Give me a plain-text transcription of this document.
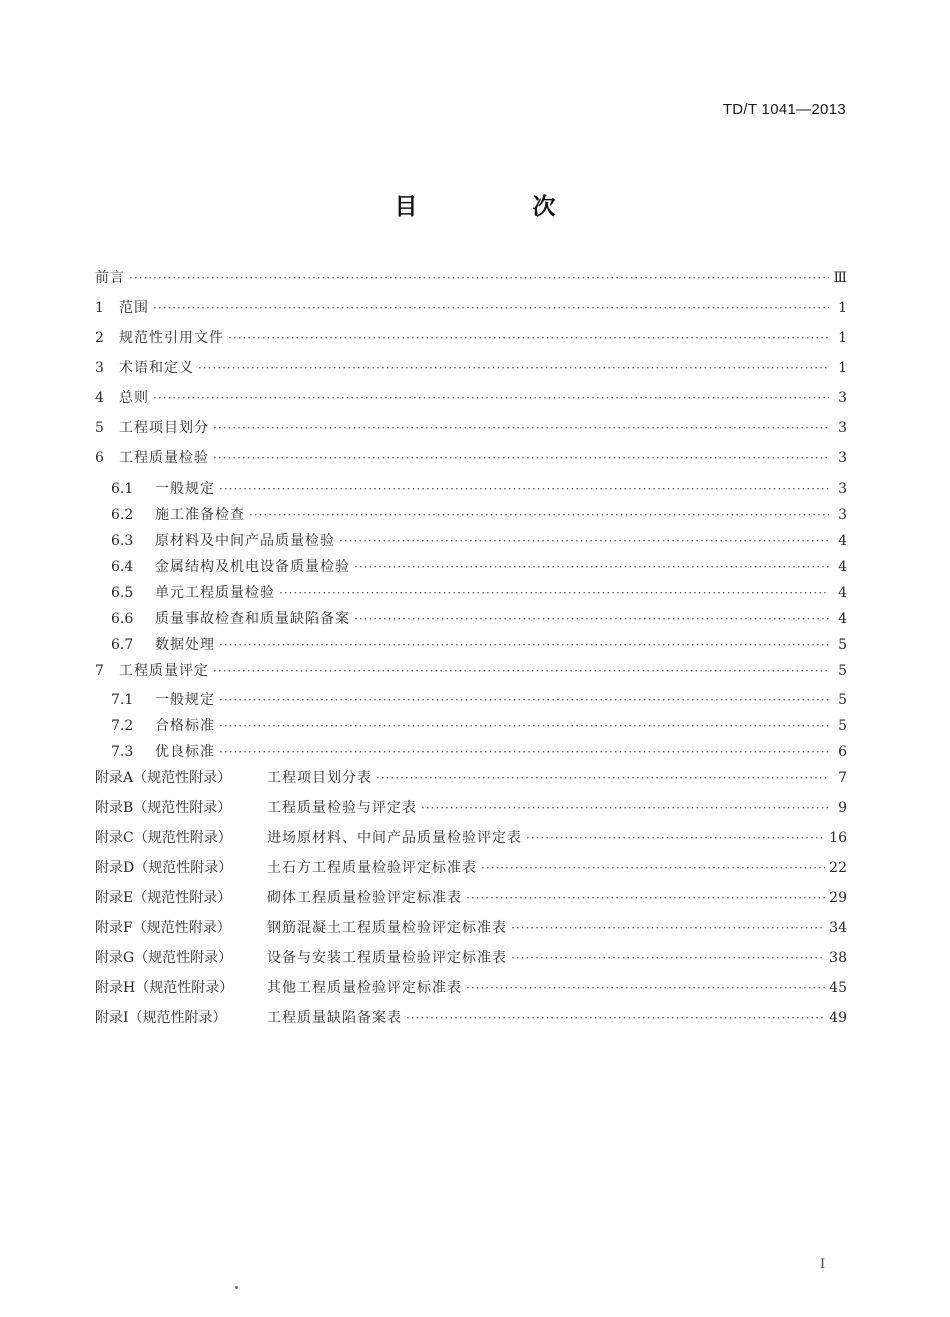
TD/T 1041—2013
目　次
前言 ·····	Ⅲ
1	范围 ·····	1
2	规范性引用文件 ·····	1
3	术语和定义 ·····	1
4	总则 ·····	3
5	工程项目划分 ·····	3
6	工程质量检验 ·····	3
6.1	一般规定 ·····	3
6.2	施工准备检查 ·····	3
6.3	原材料及中间产品质量检验 ·····	4
6.4	金属结构及机电设备质量检验 ·····	4
6.5	单元工程质量检验 ·····	4
6.6	质量事故检查和质量缺陷备案 ·····	4
6.7	数据处理 ·····	5
7	工程质量评定 ·····	5
7.1	一般规定 ·····	5
7.2	合格标准 ·····	5
7.3	优良标准 ·····	6
附录A（规范性附录）	工程项目划分表 ·····	7
附录B（规范性附录）	工程质量检验与评定表 ·····	9
附录C（规范性附录）	进场原材料、中间产品质量检验评定表 ·····	16
附录D（规范性附录）	土石方工程质量检验评定标准表 ·····	22
附录E（规范性附录）	砌体工程质量检验评定标准表 ·····	29
附录F（规范性附录）	钢筋混凝土工程质量检验评定标准表 ·····	34
附录G（规范性附录）	设备与安装工程质量检验评定标准表 ·····	38
附录H（规范性附录）	其他工程质量检验评定标准表 ·····	45
附录I（规范性附录）	工程质量缺陷备案表 ·····	49
I
